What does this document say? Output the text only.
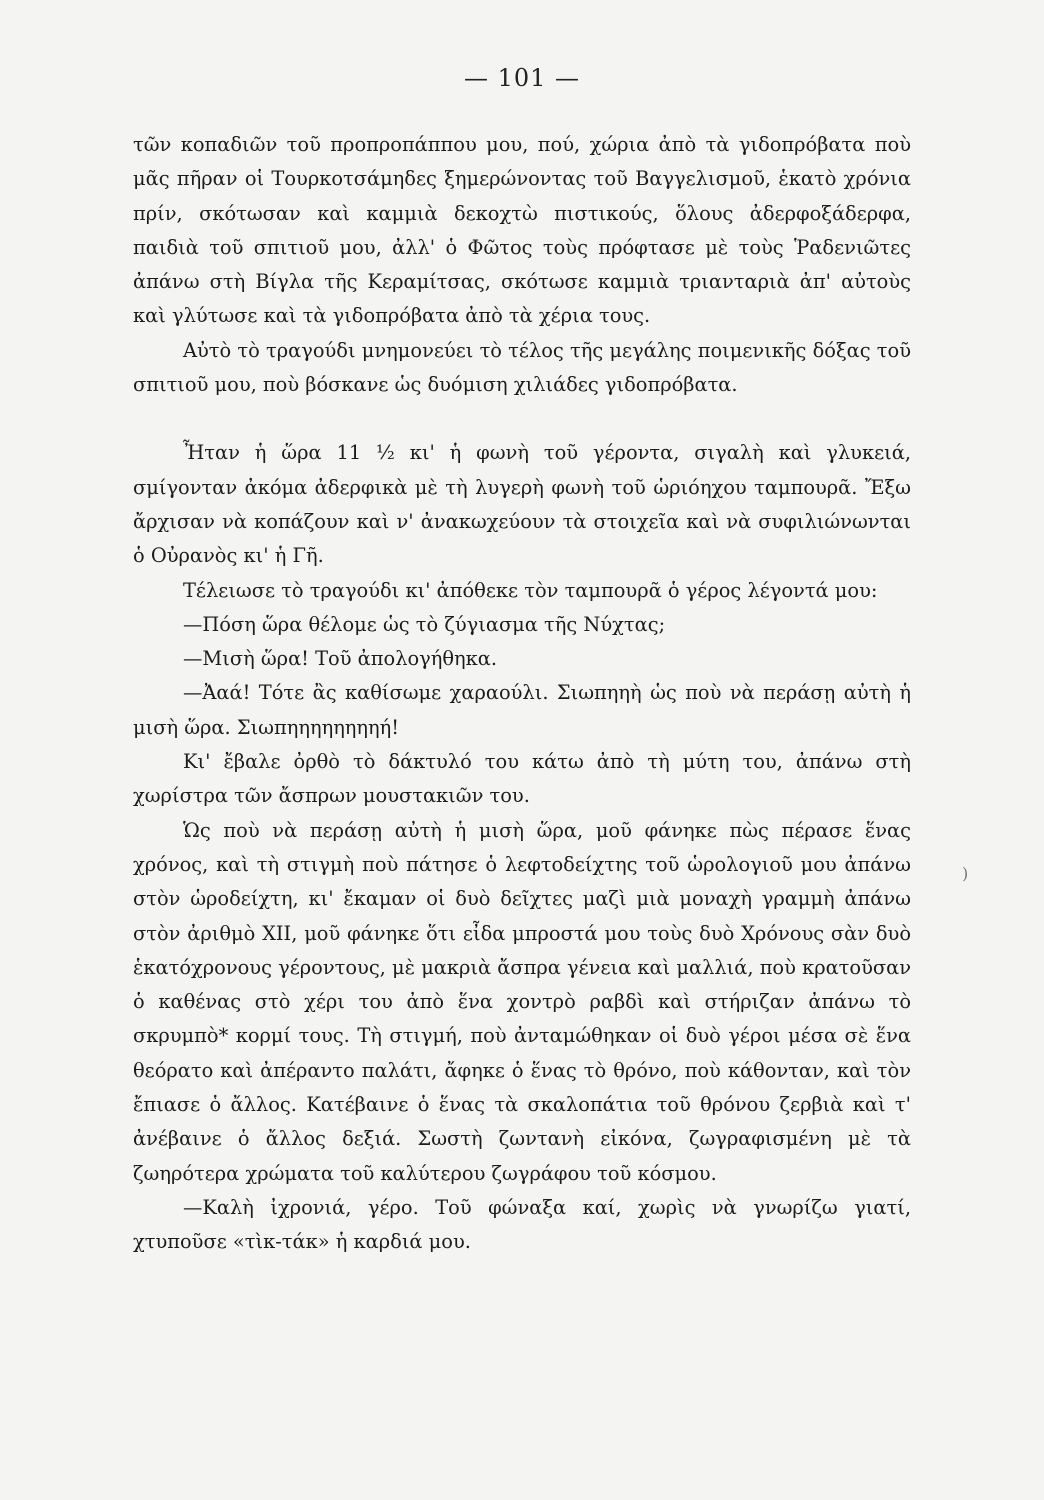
— 101 —

τῶν κοπαδιῶν τοῦ προπροπάππου μου, πού, χώρια ἀπὸ τὰ γιδοπρόβατα ποὺ μᾶς πῆραν οἱ Τουρκοτσάμηδες ξημερώνοντας τοῦ Βαγγελισμοῦ, ἑκατὸ χρόνια πρίν, σκότωσαν καὶ καμμιὰ δεκοχτὼ πιστικούς, ὅλους ἀδερφοξάδερφα, παιδιὰ τοῦ σπιτιοῦ μου, ἀλλ' ὁ Φῶτος τοὺς πρόφτασε μὲ τοὺς Ῥαδενιῶτες ἀπάνω στὴ Βίγλα τῆς Κεραμίτσας, σκότωσε καμμιὰ τριανταριὰ ἀπ' αὐτοὺς καὶ γλύτωσε καὶ τὰ γιδοπρόβατα ἀπὸ τὰ χέρια τους.

Αὐτὸ τὸ τραγούδι μνημονεύει τὸ τέλος τῆς μεγάλης ποιμενικῆς δόξας τοῦ σπιτιοῦ μου, ποὺ βόσκανε ὡς δυόμιση χιλιάδες γιδοπρόβατα.

Ἦταν ἡ ὥρα 11 ½ κι' ἡ φωνὴ τοῦ γέροντα, σιγαλὴ καὶ γλυκειά, σμίγονταν ἀκόμα ἀδερφικὰ μὲ τὴ λυγερὴ φωνὴ τοῦ ὡριόηχου ταμπουρᾶ. Ἔξω ἄρχισαν νὰ κοπάζουν καὶ ν' ἀνακωχεύουν τὰ στοιχεῖα καὶ νὰ συφιλιώνωνται ὁ Οὐρανὸς κι' ἡ Γῆ.

Τέλειωσε τὸ τραγούδι κι' ἀπόθεκε τὸν ταμπουρᾶ ὁ γέρος λέγοντά μου:

—Πόση ὥρα θέλομε ὡς τὸ ζύγιασμα τῆς Νύχτας;

—Μισὴ ὥρα! Τοῦ ἀπολογήθηκα.

—Ἀαά! Τότε ἂς καθίσωμε χαραούλι. Σιωπηηὴ ὡς ποὺ νὰ περάσῃ αὐτὴ ἡ μισὴ ὥρα. Σιωπηηηηηηηηή!

Κι' ἔβαλε ὀρθὸ τὸ δάκτυλό του κάτω ἀπὸ τὴ μύτη του, ἀπάνω στὴ χωρίστρα τῶν ἄσπρων μουστακιῶν του.

Ὡς ποὺ νὰ περάσῃ αὐτὴ ἡ μισὴ ὥρα, μοῦ φάνηκε πὼς πέρασε ἕνας χρόνος, καὶ τὴ στιγμὴ ποὺ πάτησε ὁ λεφτοδείχτης τοῦ ὡρολογιοῦ μου ἀπάνω στὸν ὡροδείχτη, κι' ἔκαμαν οἱ δυὸ δεῖχτες μαζὶ μιὰ μοναχὴ γραμμὴ ἀπάνω στὸν ἀριθμὸ XII, μοῦ φάνηκε ὅτι εἶδα μπροστά μου τοὺς δυὸ Χρόνους σὰν δυὸ ἑκατόχρονους γέροντους, μὲ μακριὰ ἄσπρα γένεια καὶ μαλλιά, ποὺ κρατοῦσαν ὁ καθένας στὸ χέρι του ἀπὸ ἕνα χοντρὸ ραβδὶ καὶ στήριζαν ἀπάνω τὸ σκρυμπὸ* κορμί τους. Τὴ στιγμή, ποὺ ἀνταμώθηκαν οἱ δυὸ γέροι μέσα σὲ ἕνα θεόρατο καὶ ἀπέραντο παλάτι, ἄφηκε ὁ ἕνας τὸ θρόνο, ποὺ κάθονταν, καὶ τὸν ἔπιασε ὁ ἄλλος. Κατέβαινε ὁ ἕνας τὰ σκαλοπάτια τοῦ θρόνου ζερβιὰ καὶ τ' ἀνέβαινε ὁ ἄλλος δεξιά. Σωστὴ ζωντανὴ εἰκόνα, ζωγραφισμένη μὲ τὰ ζωηρότερα χρώματα τοῦ καλύτερου ζωγράφου τοῦ κόσμου.

—Καλὴ ἰχρονιά, γέρο. Τοῦ φώναξα καί, χωρὶς νὰ γνωρίζω γιατί, χτυποῦσε «τὶκ-τάκ» ἡ καρδιά μου.

)
